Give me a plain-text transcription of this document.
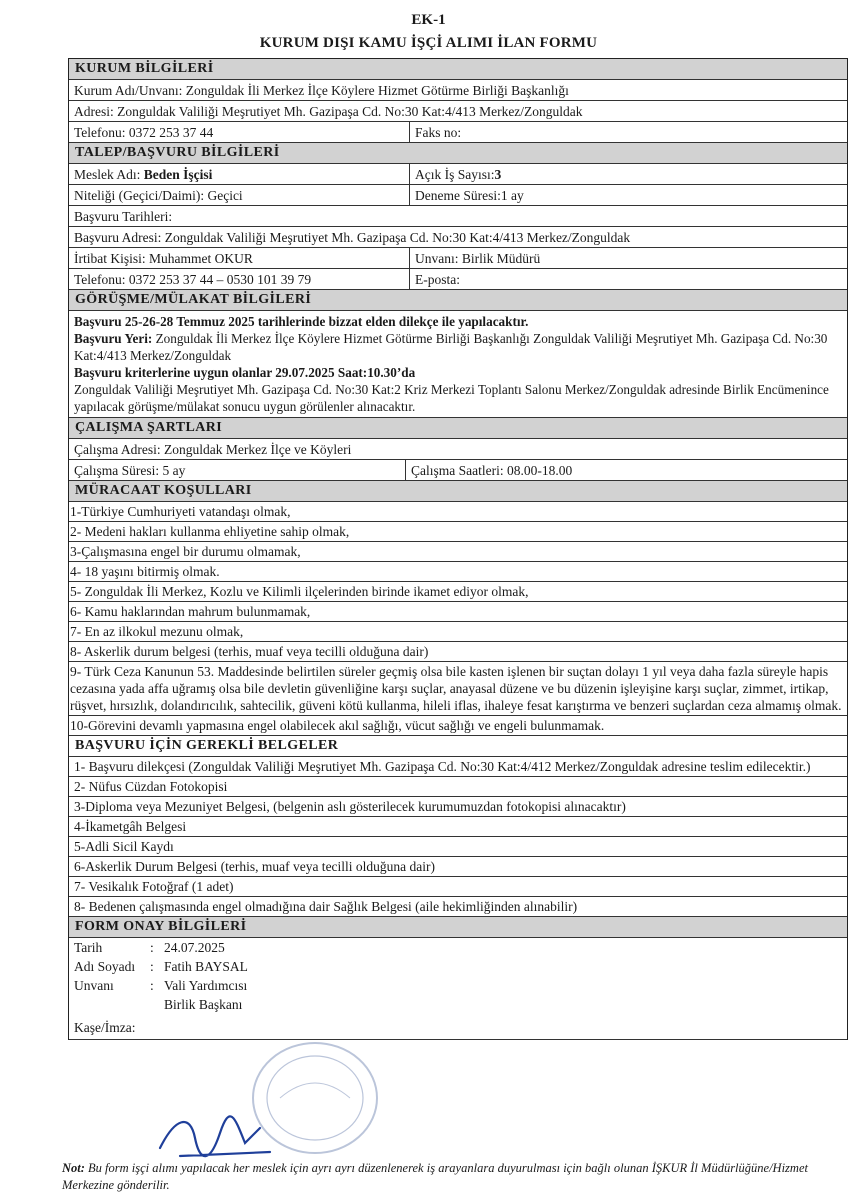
EK-1
KURUM DIŞI KAMU İŞÇİ ALIMI İLAN FORMU
KURUM BİLGİLERİ
Kurum Adı/Unvanı: Zonguldak İli Merkez İlçe Köylere Hizmet Götürme Birliği Başkanlığı
Adresi: Zonguldak Valiliği Meşrutiyet Mh. Gazipaşa Cd. No:30 Kat:4/413 Merkez/Zonguldak
Telefonu: 0372 253 37 44	Faks no:
TALEP/BAŞVURU BİLGİLERİ
Meslek Adı: Beden İşçisi	Açık İş Sayısı: 3
Niteliği (Geçici/Daimi): Geçici	Deneme Süresi:1 ay
Başvuru Tarihleri:
Başvuru Adresi: Zonguldak Valiliği Meşrutiyet Mh. Gazipaşa Cd. No:30 Kat:4/413 Merkez/Zonguldak
İrtibat Kişisi: Muhammet OKUR	Unvanı: Birlik Müdürü
Telefonu: 0372 253 37 44 – 0530 101 39 79	E-posta:
GÖRÜŞME/MÜLAKAT BİLGİLERİ
Başvuru 25-26-28 Temmuz 2025 tarihlerinde bizzat elden dilekçe ile yapılacaktır.
Başvuru Yeri: Zonguldak İli Merkez İlçe Köylere Hizmet Götürme Birliği Başkanlığı Zonguldak Valiliği Meşrutiyet Mh. Gazipaşa Cd. No:30 Kat:4/413 Merkez/Zonguldak
Başvuru kriterlerine uygun olanlar 29.07.2025 Saat:10.30’da
Zonguldak Valiliği Meşrutiyet Mh. Gazipaşa Cd. No:30 Kat:2 Kriz Merkezi Toplantı Salonu Merkez/Zonguldak adresinde Birlik Encümenince yapılacak görüşme/mülakat sonucu uygun görülenler alınacaktır.
ÇALIŞMA ŞARTLARI
Çalışma Adresi: Zonguldak Merkez İlçe ve Köyleri
Çalışma Süresi: 5 ay	Çalışma Saatleri: 08.00-18.00
MÜRACAAT KOŞULLARI
1-Türkiye Cumhuriyeti vatandaşı olmak,
2- Medeni hakları kullanma ehliyetine sahip olmak,
3-Çalışmasına engel bir durumu olmamak,
4- 18 yaşını bitirmiş olmak.
5- Zonguldak İli Merkez, Kozlu ve Kilimli ilçelerinden birinde ikamet ediyor olmak,
6- Kamu haklarından mahrum bulunmamak,
7- En az ilkokul mezunu olmak,
8- Askerlik durum belgesi (terhis, muaf veya tecilli olduğuna dair)
9- Türk Ceza Kanunun 53. Maddesinde belirtilen süreler geçmiş olsa bile kasten işlenen bir suçtan dolayı 1 yıl veya daha fazla süreyle hapis cezasına yada affa uğramış olsa bile devletin güvenliğine karşı suçlar, anayasal düzene ve bu düzenin işleyişine karşı suçlar, zimmet, irtikap, rüşvet, hırsızlık, dolandırıcılık, sahtecilik, güveni kötü kullanma, hileli iflas, ihaleye fesat karıştırma ve benzeri suçlardan ceza almamış olmak.
10-Görevini devamlı yapmasına engel olabilecek akıl sağlığı, vücut sağlığı ve engeli bulunmamak.
BAŞVURU İÇİN GEREKLİ BELGELER
1- Başvuru dilekçesi (Zonguldak Valiliği Meşrutiyet Mh. Gazipaşa Cd. No:30 Kat:4/412 Merkez/Zonguldak adresine teslim edilecektir.)
2- Nüfus Cüzdan Fotokopisi
3-Diploma veya Mezuniyet Belgesi, (belgenin aslı gösterilecek kurumumuzdan fotokopisi alınacaktır)
4-İkametgâh Belgesi
5-Adli Sicil Kaydı
6-Askerlik Durum Belgesi (terhis, muaf veya tecilli olduğuna dair)
7- Vesikalık Fotoğraf (1 adet)
8- Bedenen çalışmasında engel olmadığına dair Sağlık Belgesi (aile hekimliğinden alınabilir)
FORM ONAY BİLGİLERİ
Tarih	: 24.07.2025
Adı Soyadı	: Fatih BAYSAL
Unvanı	: Vali Yardımcısı
Birlik Başkanı
Kaşe/İmza:
Not: Bu form işçi alımı yapılacak her meslek için ayrı ayrı düzenlenerek iş arayanlara duyurulması için bağlı olunan İŞKUR İl Müdürlüğüne/Hizmet Merkezine gönderilir.
